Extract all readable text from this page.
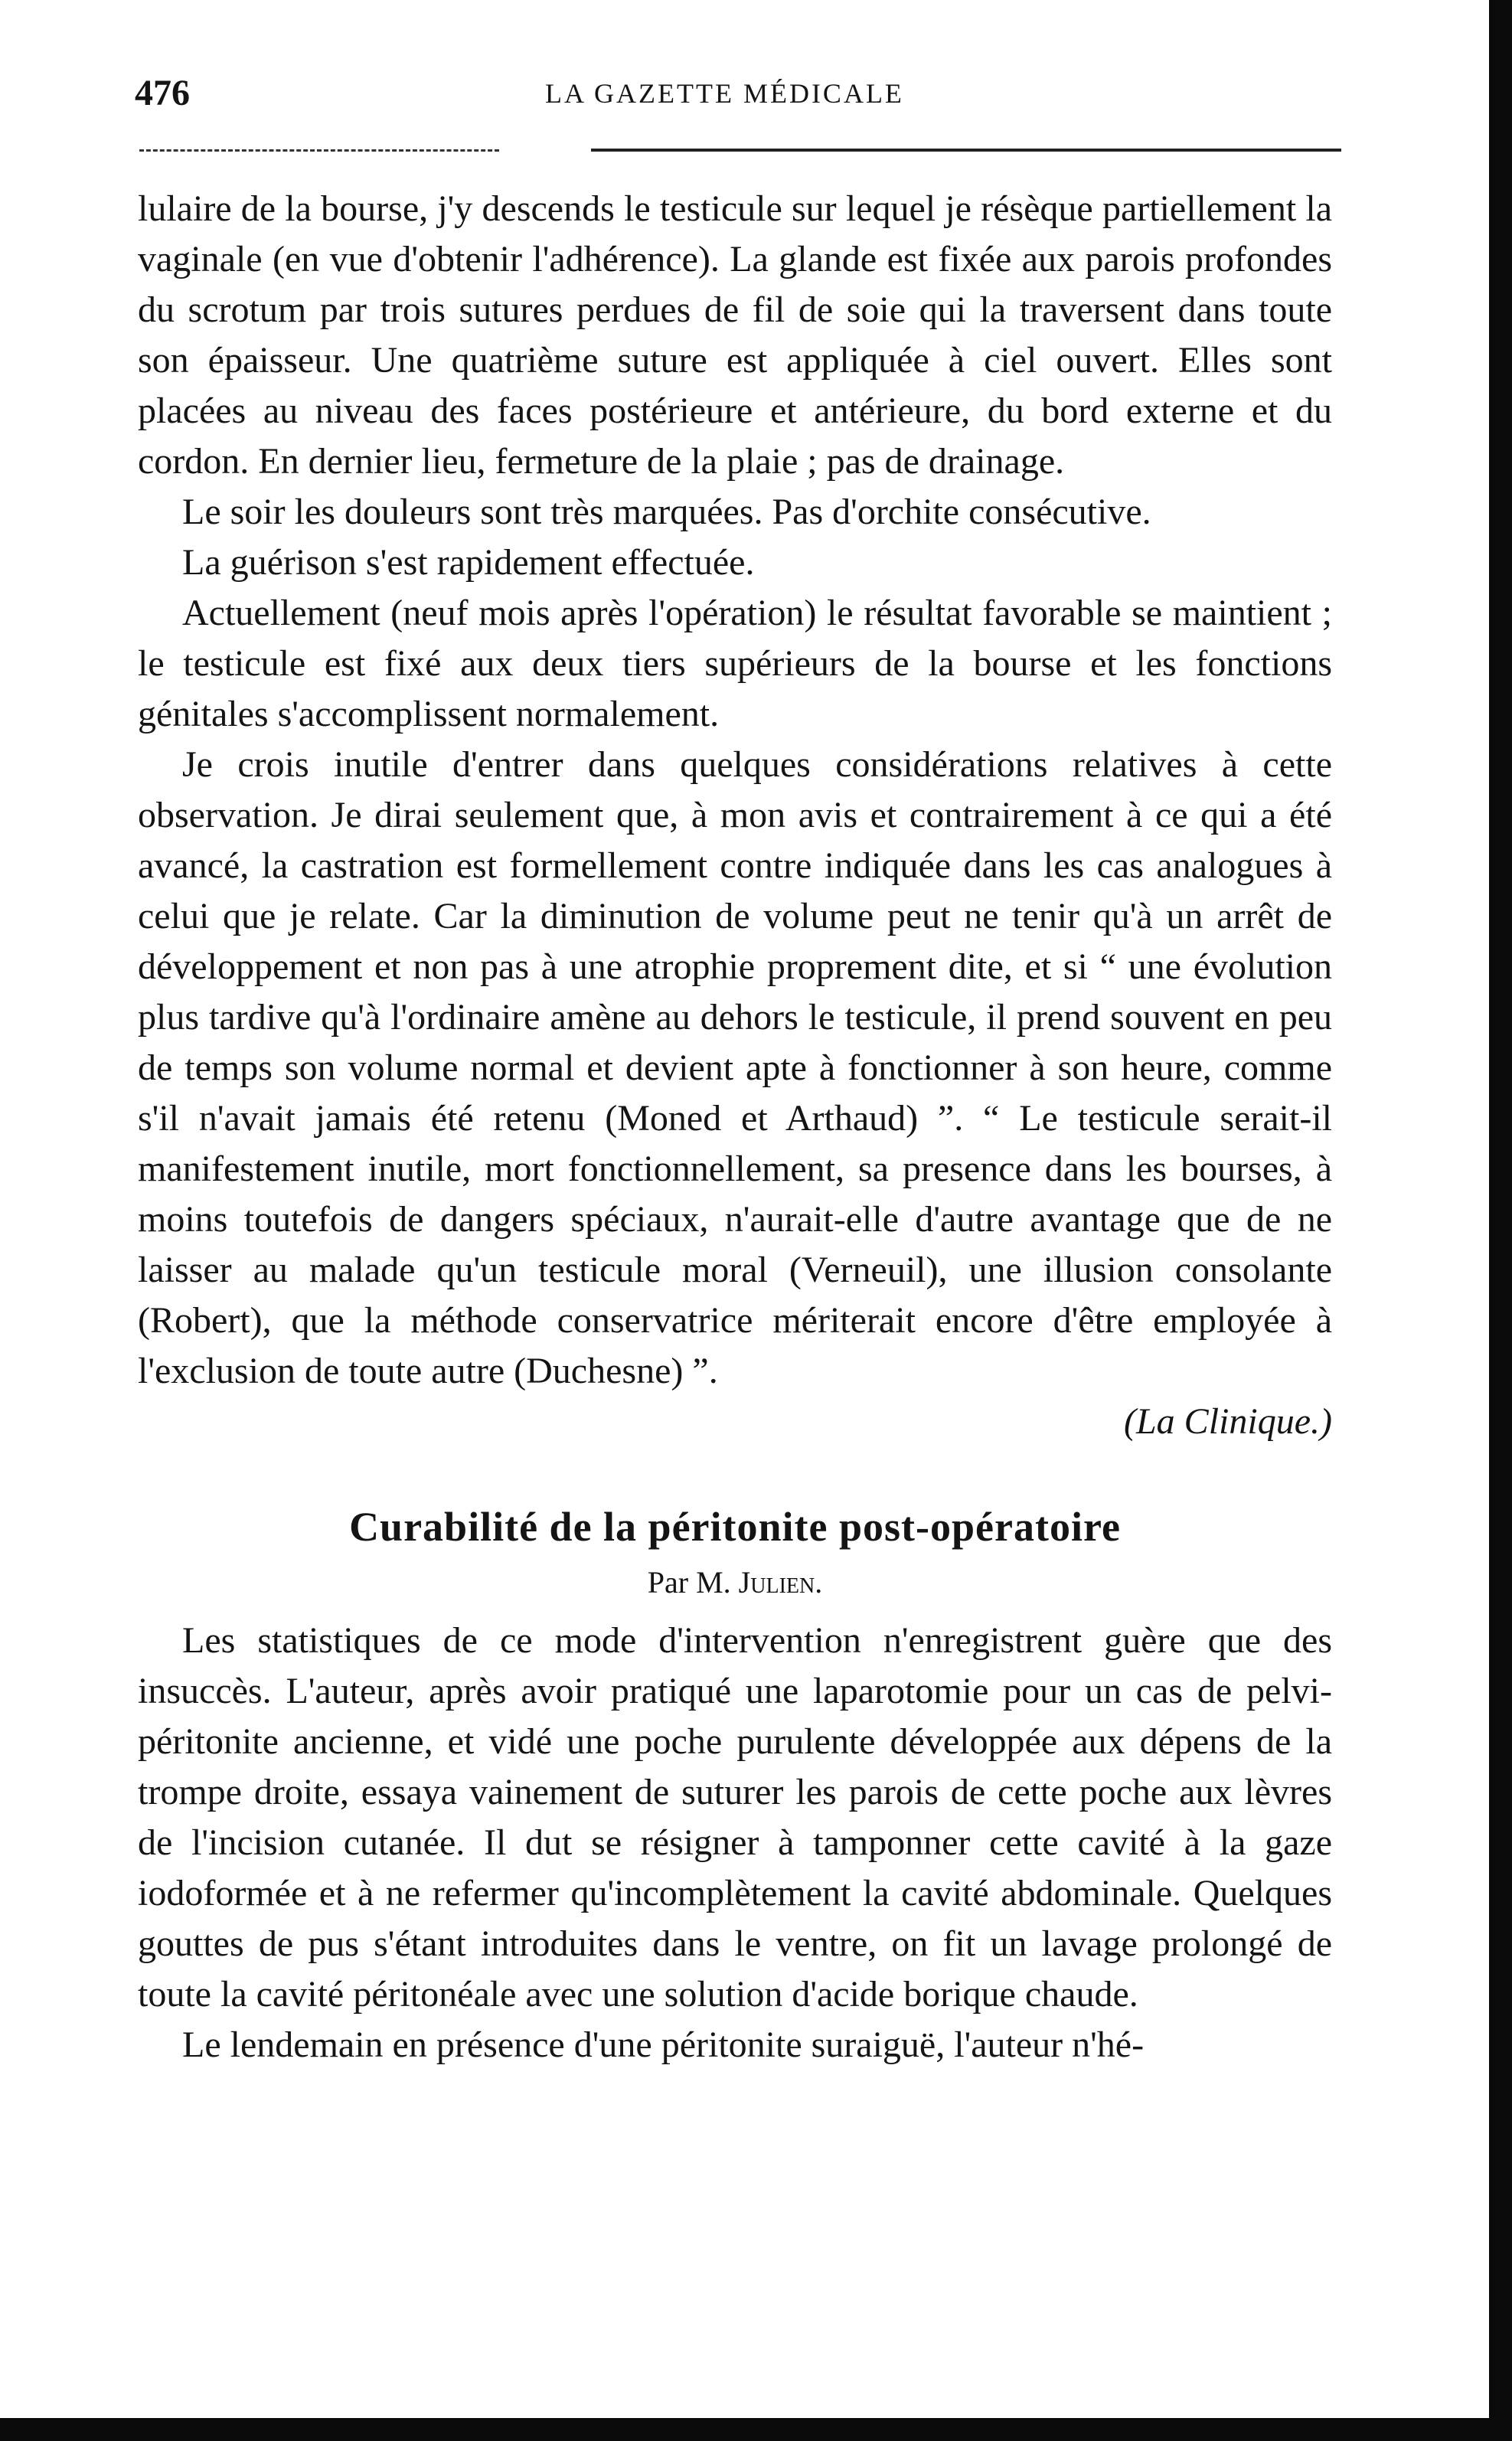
476	LA GAZETTE MÉDICALE

lulaire de la bourse, j'y descends le testicule sur lequel je résèque partiellement la vaginale (en vue d'obtenir l'adhérence). La glande est fixée aux parois profondes du scrotum par trois sutures perdues de fil de soie qui la traversent dans toute son épaisseur. Une quatrième suture est appliquée à ciel ouvert. Elles sont placées au niveau des faces postérieure et antérieure, du bord externe et du cordon. En dernier lieu, fermeture de la plaie ; pas de drainage.

Le soir les douleurs sont très marquées. Pas d'orchite consécutive.

La guérison s'est rapidement effectuée.

Actuellement (neuf mois après l'opération) le résultat favorable se maintient ; le testicule est fixé aux deux tiers supérieurs de la bourse et les fonctions génitales s'accomplissent normalement.

Je crois inutile d'entrer dans quelques considérations relatives à cette observation. Je dirai seulement que, à mon avis et contrairement à ce qui a été avancé, la castration est formellement contre indiquée dans les cas analogues à celui que je relate. Car la diminution de volume peut ne tenir qu'à un arrêt de développement et non pas à une atrophie proprement dite, et si “ une évolution plus tardive qu'à l'ordinaire amène au dehors le testicule, il prend souvent en peu de temps son volume normal et devient apte à fonctionner à son heure, comme s'il n'avait jamais été retenu (Moned et Arthaud) ”. “ Le testicule serait-il manifestement inutile, mort fonctionnellement, sa presence dans les bourses, à moins toutefois de dangers spéciaux, n'aurait-elle d'autre avantage que de ne laisser au malade qu'un testicule moral (Verneuil), une illusion consolante (Robert), que la méthode conservatrice mériterait encore d'être employée à l'exclusion de toute autre (Duchesne) ”.

(La Clinique.)
Curabilité de la péritonite post-opératoire
Par M. Julien.

Les statistiques de ce mode d'intervention n'enregistrent guère que des insuccès. L'auteur, après avoir pratiqué une laparotomie pour un cas de pelvi-péritonite ancienne, et vidé une poche purulente développée aux dépens de la trompe droite, essaya vainement de suturer les parois de cette poche aux lèvres de l'incision cutanée. Il dut se résigner à tamponner cette cavité à la gaze iodoformée et à ne refermer qu'incomplètement la cavité abdominale. Quelques gouttes de pus s'étant introduites dans le ventre, on fit un lavage prolongé de toute la cavité péritonéale avec une solution d'acide borique chaude.

Le lendemain en présence d'une péritonite suraiguë, l'auteur n'hé-
